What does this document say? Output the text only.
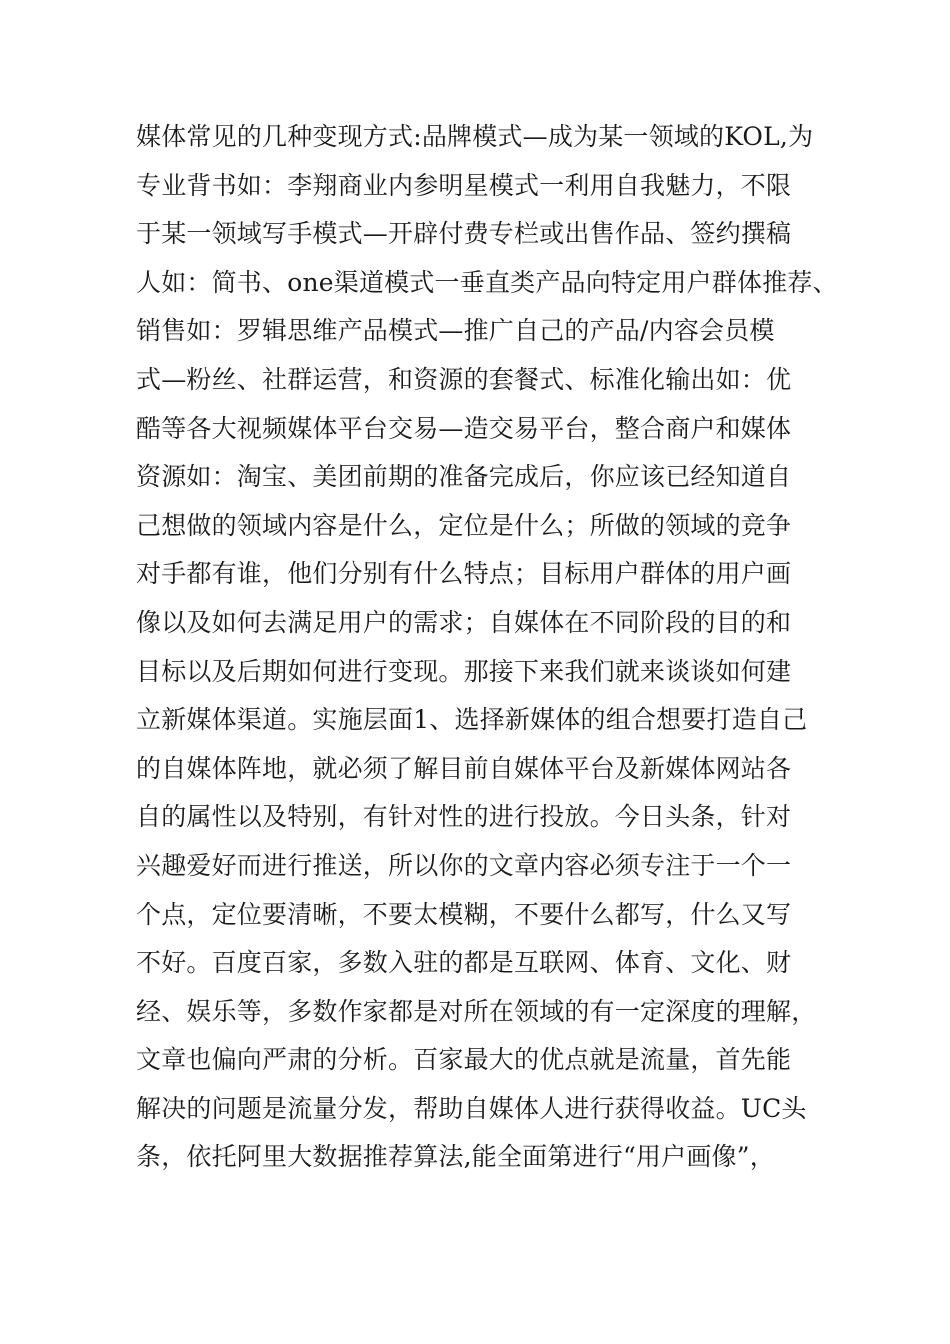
媒体常见的几种变现方式:品牌模式—成为某一领域的KOL,为
专业背书如：李翔商业内参明星模式一利用自我魅力，不限
于某一领域写手模式—开辟付费专栏或出售作品、签约撰稿
人如：简书、one渠道模式一垂直类产品向特定用户群体推荐、
销售如：罗辑思维产品模式—推广自己的产品/内容会员模
式—粉丝、社群运营，和资源的套餐式、标准化输出如：优
酷等各大视频媒体平台交易—造交易平台，整合商户和媒体
资源如：淘宝、美团前期的准备完成后，你应该已经知道自
己想做的领域内容是什么，定位是什么；所做的领域的竞争
对手都有谁，他们分别有什么特点；目标用户群体的用户画
像以及如何去满足用户的需求；自媒体在不同阶段的目的和
目标以及后期如何进行变现。那接下来我们就来谈谈如何建
立新媒体渠道。实施层面1、选择新媒体的组合想要打造自己
的自媒体阵地，就必须了解目前自媒体平台及新媒体网站各
自的属性以及特别，有针对性的进行投放。今日头条，针对
兴趣爱好而进行推送，所以你的文章内容必须专注于一个一
个点，定位要清晰，不要太模糊，不要什么都写，什么又写
不好。百度百家，多数入驻的都是互联网、体育、文化、财
经、娱乐等，多数作家都是对所在领域的有一定深度的理解，
文章也偏向严肃的分析。百家最大的优点就是流量，首先能
解决的问题是流量分发，帮助自媒体人进行获得收益。UC头
条，依托阿里大数据推荐算法,能全面第进行“用户画像”，
